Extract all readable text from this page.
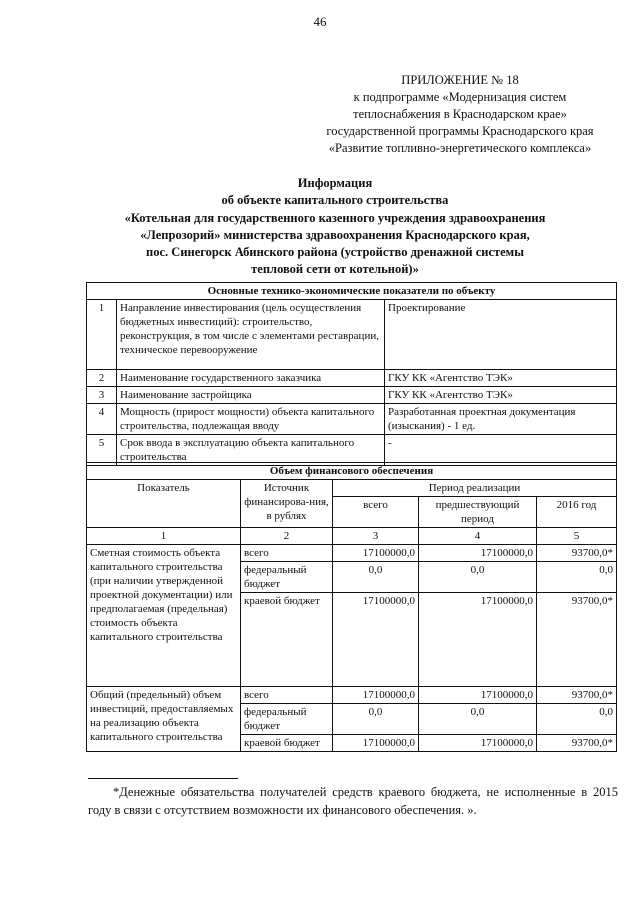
46
ПРИЛОЖЕНИЕ № 18
к подпрограмме «Модернизация систем
теплоснабжения в Краснодарском крае»
государственной программы Краснодарского края
«Развитие топливно-энергетического комплекса»
Информация
об объекте капитального строительства
«Котельная для государственного казенного учреждения здравоохранения
«Лепрозорий» министерства здравоохранения Краснодарского края,
пос. Синегорск Абинского района (устройство дренажной системы
тепловой сети от котельной)»
Основные технико-экономические показатели по объекту		
1	Направление инвестирования (цель осуществления бюджетных инвестиций): строительство, реконструкция, в том числе с элементами реставрации, техническое перевооружение	Проектирование
2	Наименование государственного заказчика	ГКУ КК «Агентство ТЭК»
3	Наименование застройщика	ГКУ КК «Агентство ТЭК»
4	Мощность (прирост мощности) объекта капитального строительства, подлежащая вводу	Разработанная проектная документация (изыскания) - 1 ед.
5	Срок ввода в эксплуатацию объекта капитального строительства	-
Объем финансового обеспечения				
Показатель	Источник финансирова-ния, в рублях	Период реализации		
		всего	предшествующий период	2016 год
1	2	3	4	5
Сметная стоимость объекта капитального строительства (при наличии утвержденной проектной документации) или предполагаемая (предельная) стоимость объекта капитального строительства	всего	17100000,0	17100000,0	93700,0*
	федеральный бюджет	0,0	0,0	0,0
	краевой бюджет	17100000,0	17100000,0	93700,0*
Общий (предельный) объем инвестиций, предоставляемых на реализацию объекта капитального строительства	всего	17100000,0	17100000,0	93700,0*
	федеральный бюджет	0,0	0,0	0,0
	краевой бюджет	17100000,0	17100000,0	93700,0*
*Денежные обязательства получателей средств краевого бюджета, не исполненные в 2015 году в связи с отсутствием возможности их финансового обеспечения. ».
